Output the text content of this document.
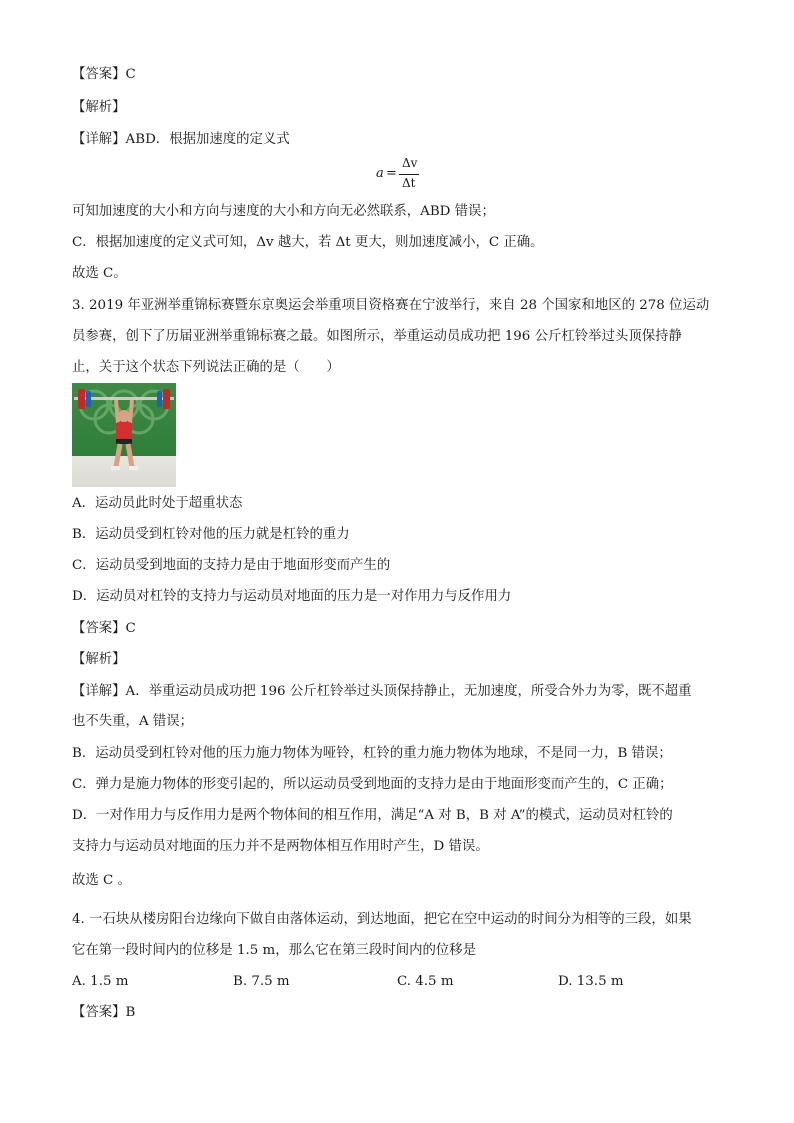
【答案】C
【解析】
【详解】ABD．根据加速度的定义式
a =
Δv
Δt
可知加速度的大小和方向与速度的大小和方向无必然联系，ABD 错误；
C．根据加速度的定义式可知，Δv 越大，若 Δt 更大，则加速度减小，C 正确。
故选 C。
3. 2019 年亚洲举重锦标赛暨东京奥运会举重项目资格赛在宁波举行，来自 28 个国家和地区的 278 位运动
员参赛，创下了历届亚洲举重锦标赛之最。如图所示，举重运动员成功把 196 公斤杠铃举过头顶保持静
止，关于这个状态下列说法正确的是（　　）
A．运动员此时处于超重状态
B．运动员受到杠铃对他的压力就是杠铃的重力
C．运动员受到地面的支持力是由于地面形变而产生的
D．运动员对杠铃的支持力与运动员对地面的压力是一对作用力与反作用力
【答案】C
【解析】
【详解】A．举重运动员成功把 196 公斤杠铃举过头顶保持静止，无加速度，所受合外力为零，既不超重
也不失重，A 错误；
B．运动员受到杠铃对他的压力施力物体为哑铃，杠铃的重力施力物体为地球，不是同一力，B 错误；
C．弹力是施力物体的形变引起的，所以运动员受到地面的支持力是由于地面形变而产生的，C 正确；
D．一对作用力与反作用力是两个物体间的相互作用，满足“A 对 B，B 对 A”的模式，运动员对杠铃的
支持力与运动员对地面的压力并不是两物体相互作用时产生，D 错误。
故选 C 。
4. 一石块从楼房阳台边缘向下做自由落体运动，到达地面，把它在空中运动的时间分为相等的三段，如果
它在第一段时间内的位移是 1.5 m，那么它在第三段时间内的位移是
A. 1.5 m	B. 7.5 m	C. 4.5 m	D. 13.5 m
【答案】B
